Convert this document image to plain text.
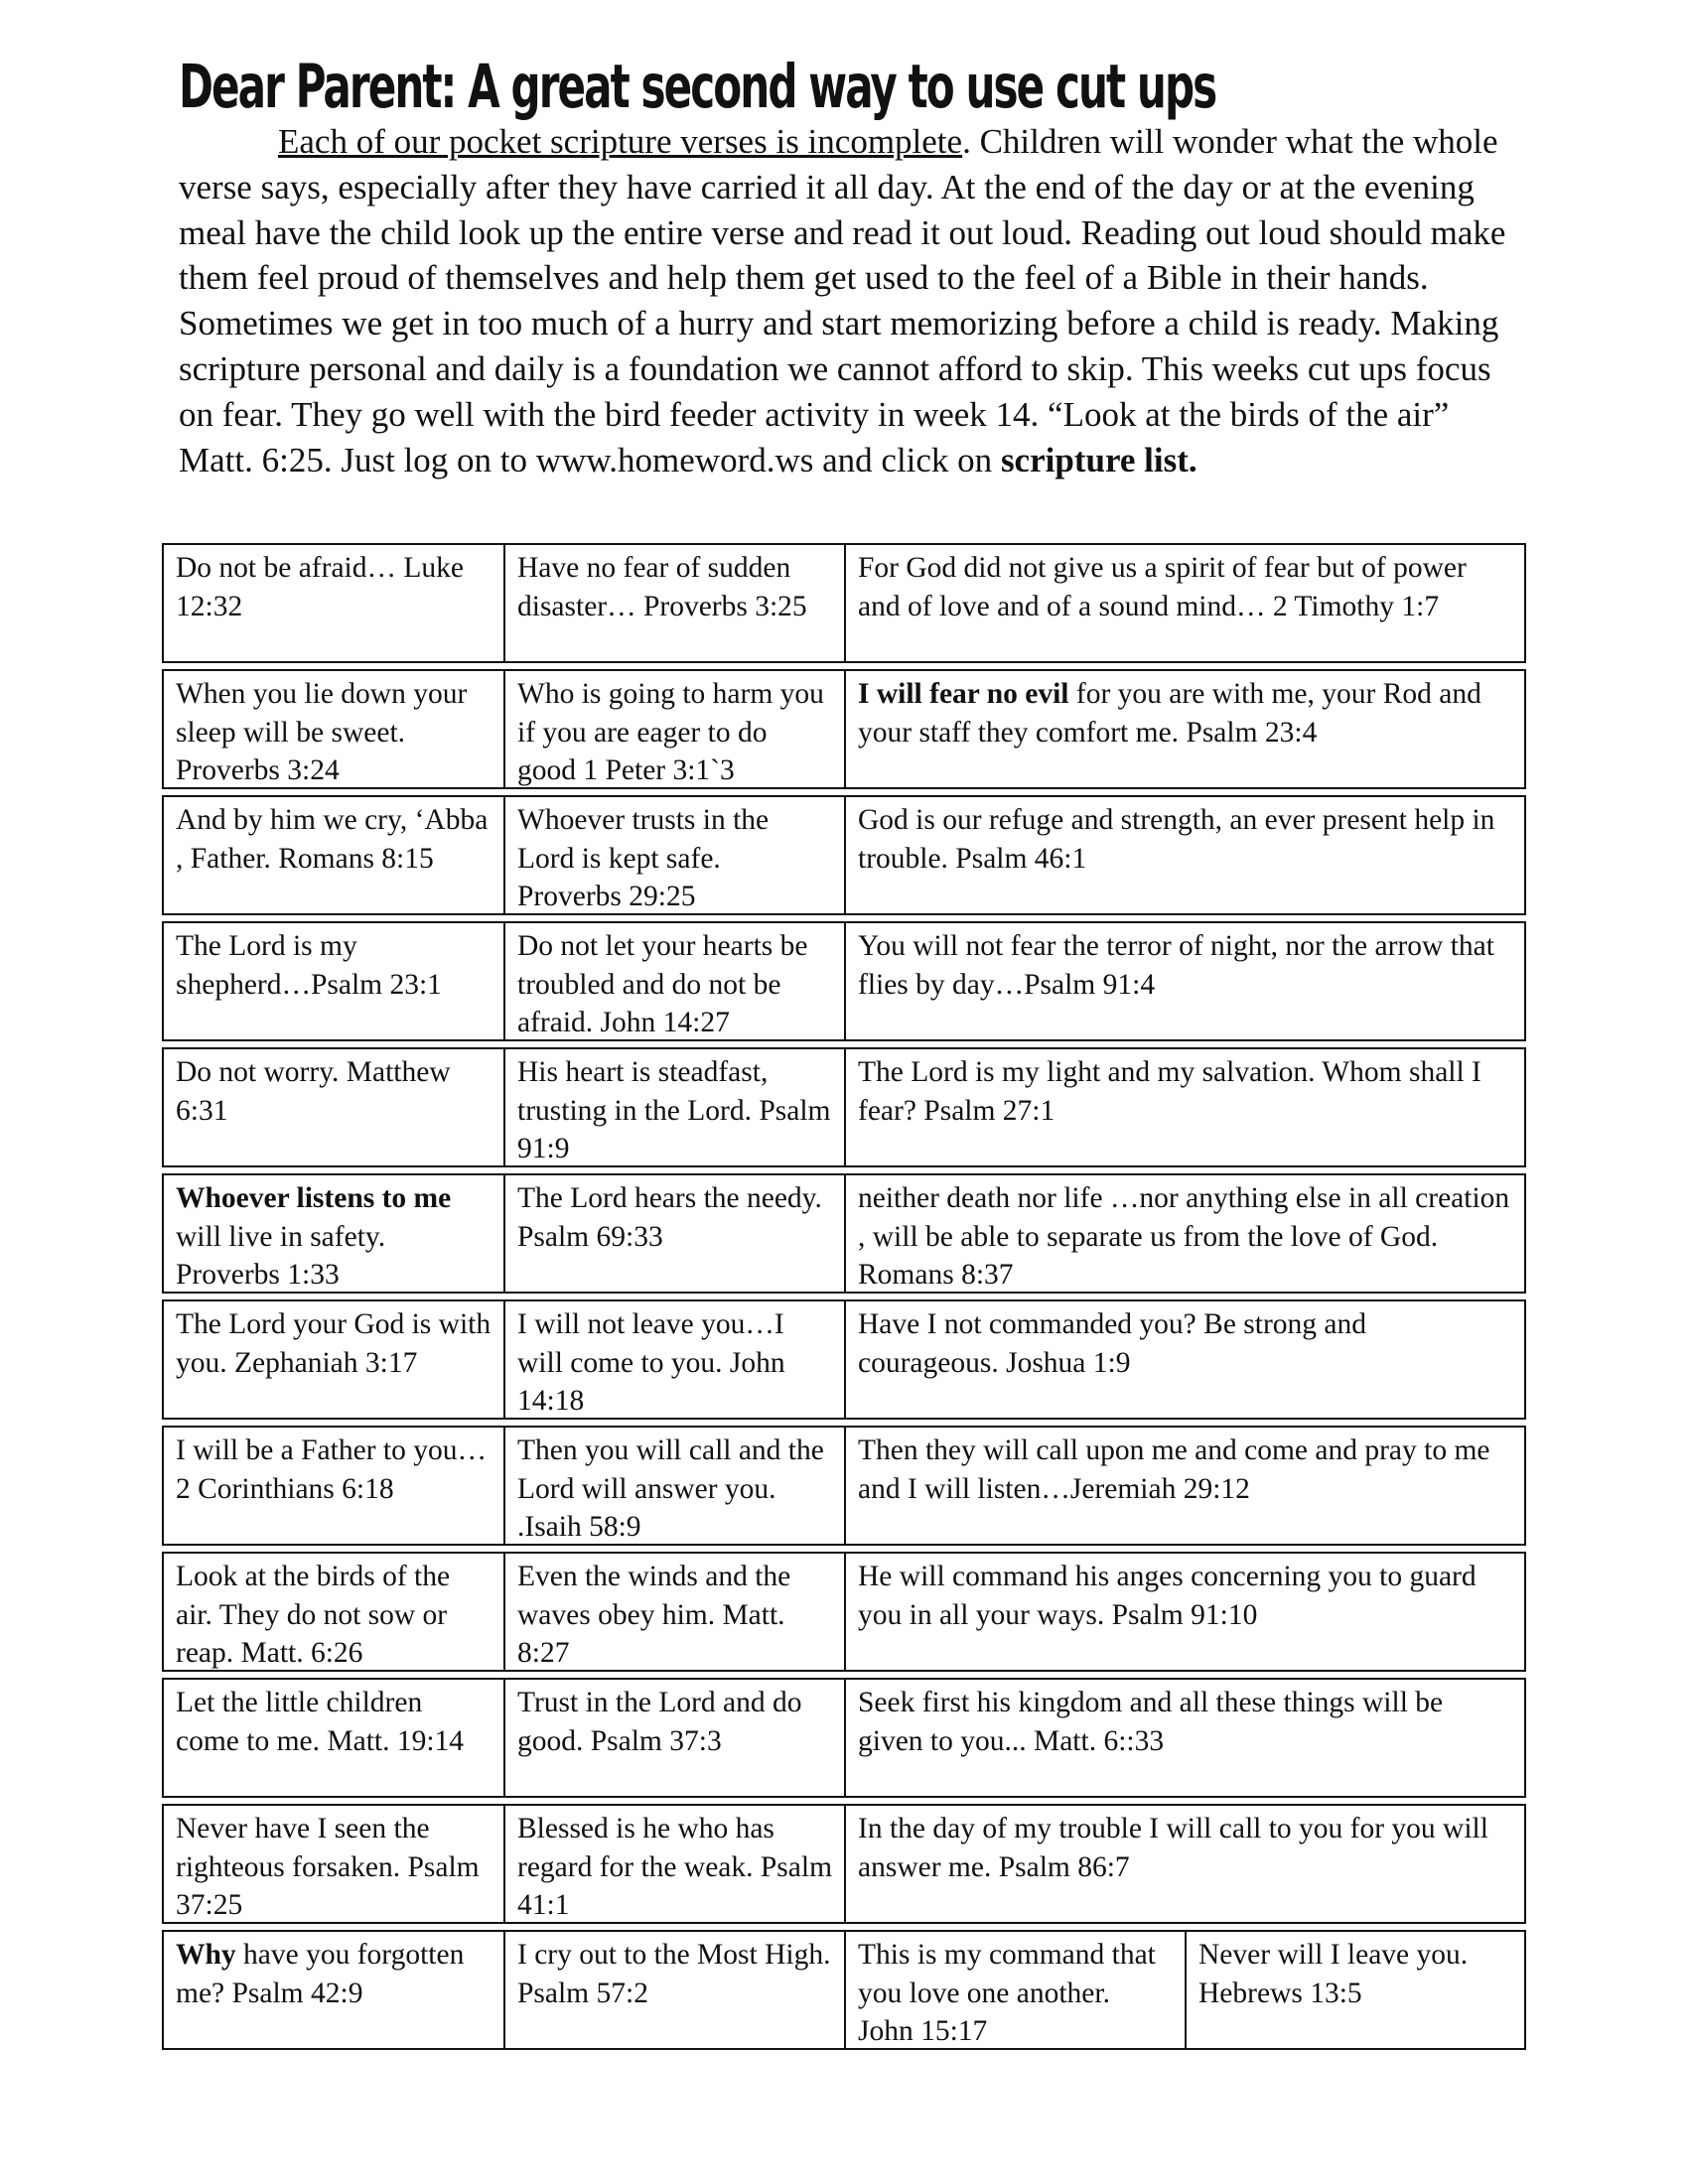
Dear Parent: A great second way to use cut ups
Each of our pocket scripture verses is incomplete. Children will wonder what the whole verse says, especially after they have carried it all day. At the end of the day or at the evening meal have the child look up the entire verse and read it out loud. Reading out loud should make them feel proud of themselves and help them get used to the feel of a Bible in their hands. Sometimes we get in too much of a hurry and start memorizing before a child is ready. Making scripture personal and daily is a foundation we cannot afford to skip. This weeks cut ups focus on fear. They go well with the bird feeder activity in week 14. “Look at the birds of the air” Matt. 6:25. Just log on to www.homeword.ws and click on scripture list.
Do not be afraid… Luke 12:32
Have no fear of sudden disaster… Proverbs 3:25
For God did not give us a spirit of fear but of power and of love and of a sound mind… 2 Timothy 1:7
When you lie down your sleep will be sweet. Proverbs 3:24
Who is going to harm you if you are eager to do good 1 Peter 3:1`3
I will fear no evil for you are with me, your Rod and your staff they comfort me. Psalm 23:4
And by him we cry, ‘Abba , Father. Romans 8:15
Whoever trusts in the Lord is kept safe. Proverbs 29:25
God is our refuge and strength, an ever present help in trouble. Psalm 46:1
The Lord is my shepherd…Psalm 23:1
Do not let your hearts be troubled and do not be afraid. John 14:27
You will not fear the terror of night, nor the arrow that flies by day…Psalm 91:4
Do not worry. Matthew 6:31
His heart is steadfast, trusting in the Lord. Psalm 91:9
The Lord is my light and my salvation. Whom shall I fear? Psalm 27:1
Whoever listens to me will live in safety. Proverbs 1:33
The Lord hears the needy. Psalm 69:33
neither death nor life …nor anything else in all creation , will be able to separate us from the love of God. Romans 8:37
The Lord your God is with you. Zephaniah 3:17
I will not leave you…I will come to you. John 14:18
Have I not commanded you? Be strong and courageous. Joshua 1:9
I will be a Father to you… 2 Corinthians 6:18
Then you will call and the Lord will answer you. .Isaih 58:9
Then they will call upon me and come and pray to me and I will listen…Jeremiah 29:12
Look at the birds of the air. They do not sow or reap. Matt. 6:26
Even the winds and the waves obey him. Matt. 8:27
He will command his anges concerning you to guard you in all your ways. Psalm 91:10
Let the little children come to me. Matt. 19:14
Trust in the Lord and do good. Psalm 37:3
Seek first his kingdom and all these things will be given to you... Matt. 6::33
Never have I seen the righteous forsaken. Psalm 37:25
Blessed is he who has regard for the weak. Psalm 41:1
In the day of my trouble I will call to you for you will answer me. Psalm 86:7
Why have you forgotten me? Psalm 42:9
I cry out to the Most High. Psalm 57:2
This is my command that you love one another. John 15:17
Never will I leave you. Hebrews 13:5
